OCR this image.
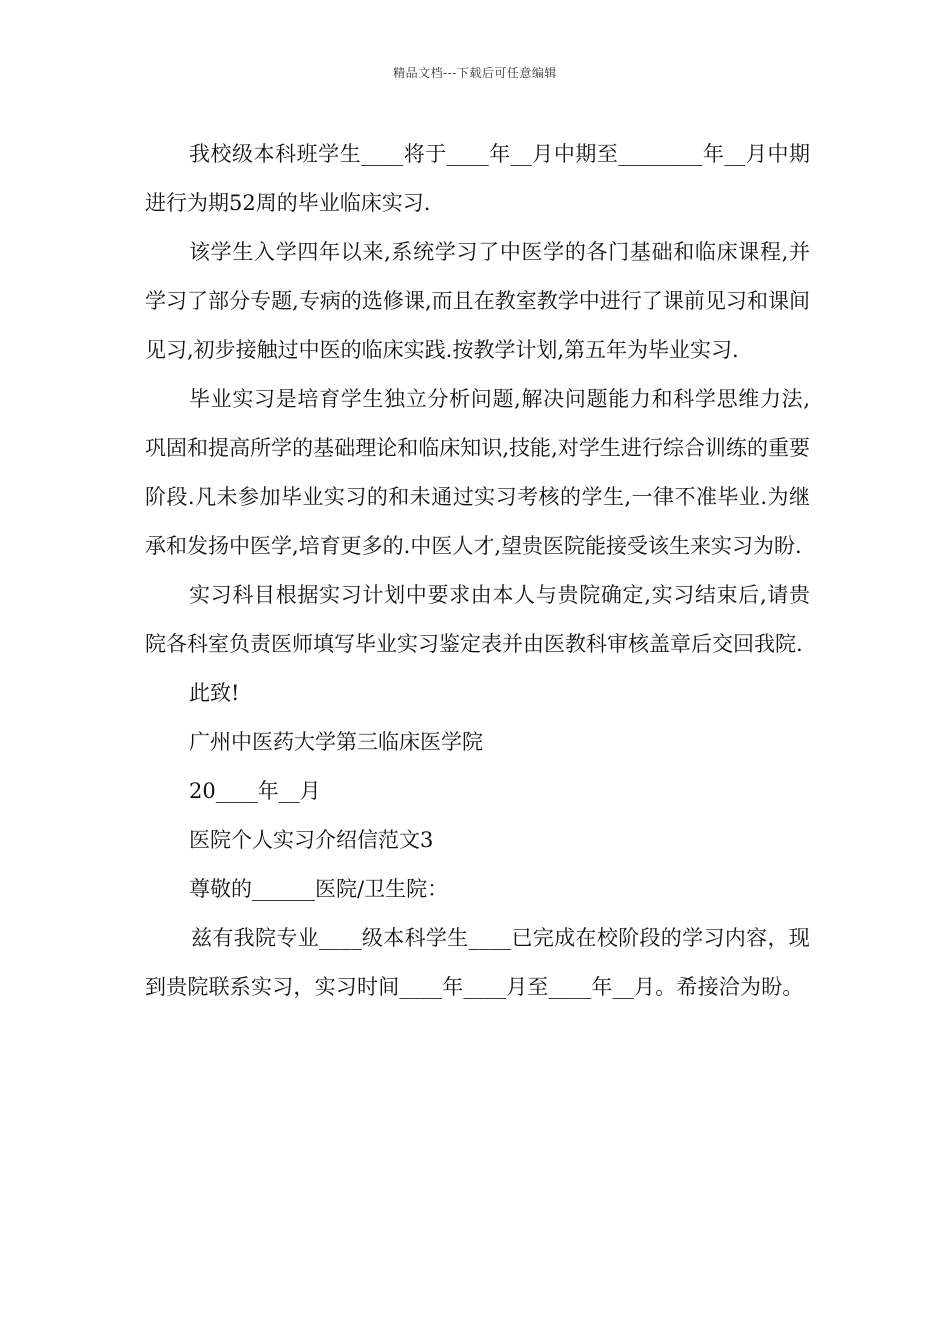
精品文档---下载后可任意编辑

我校级本科班学生____将于____年__月中期至________年__月中期进行为期52周的毕业临床实习.

该学生入学四年以来,系统学习了中医学的各门基础和临床课程,并学习了部分专题,专病的选修课,而且在教室教学中进行了课前见习和课间见习,初步接触过中医的临床实践.按教学计划,第五年为毕业实习.

毕业实习是培育学生独立分析问题,解决问题能力和科学思维力法,巩固和提高所学的基础理论和临床知识,技能,对学生进行综合训练的重要阶段.凡未参加毕业实习的和未通过实习考核的学生,一律不准毕业.为继承和发扬中医学,培育更多的.中医人才,望贵医院能接受该生来实习为盼.

实习科目根据实习计划中要求由本人与贵院确定,实习结束后,请贵院各科室负责医师填写毕业实习鉴定表并由医教科审核盖章后交回我院.

此致!

广州中医药大学第三临床医学院

20____年__月

医院个人实习介绍信范文3

尊敬的______医院/卫生院：

兹有我院专业____级本科学生____已完成在校阶段的学习内容，现到贵院联系实习，实习时间____年____月至____年__月。希接洽为盼。
